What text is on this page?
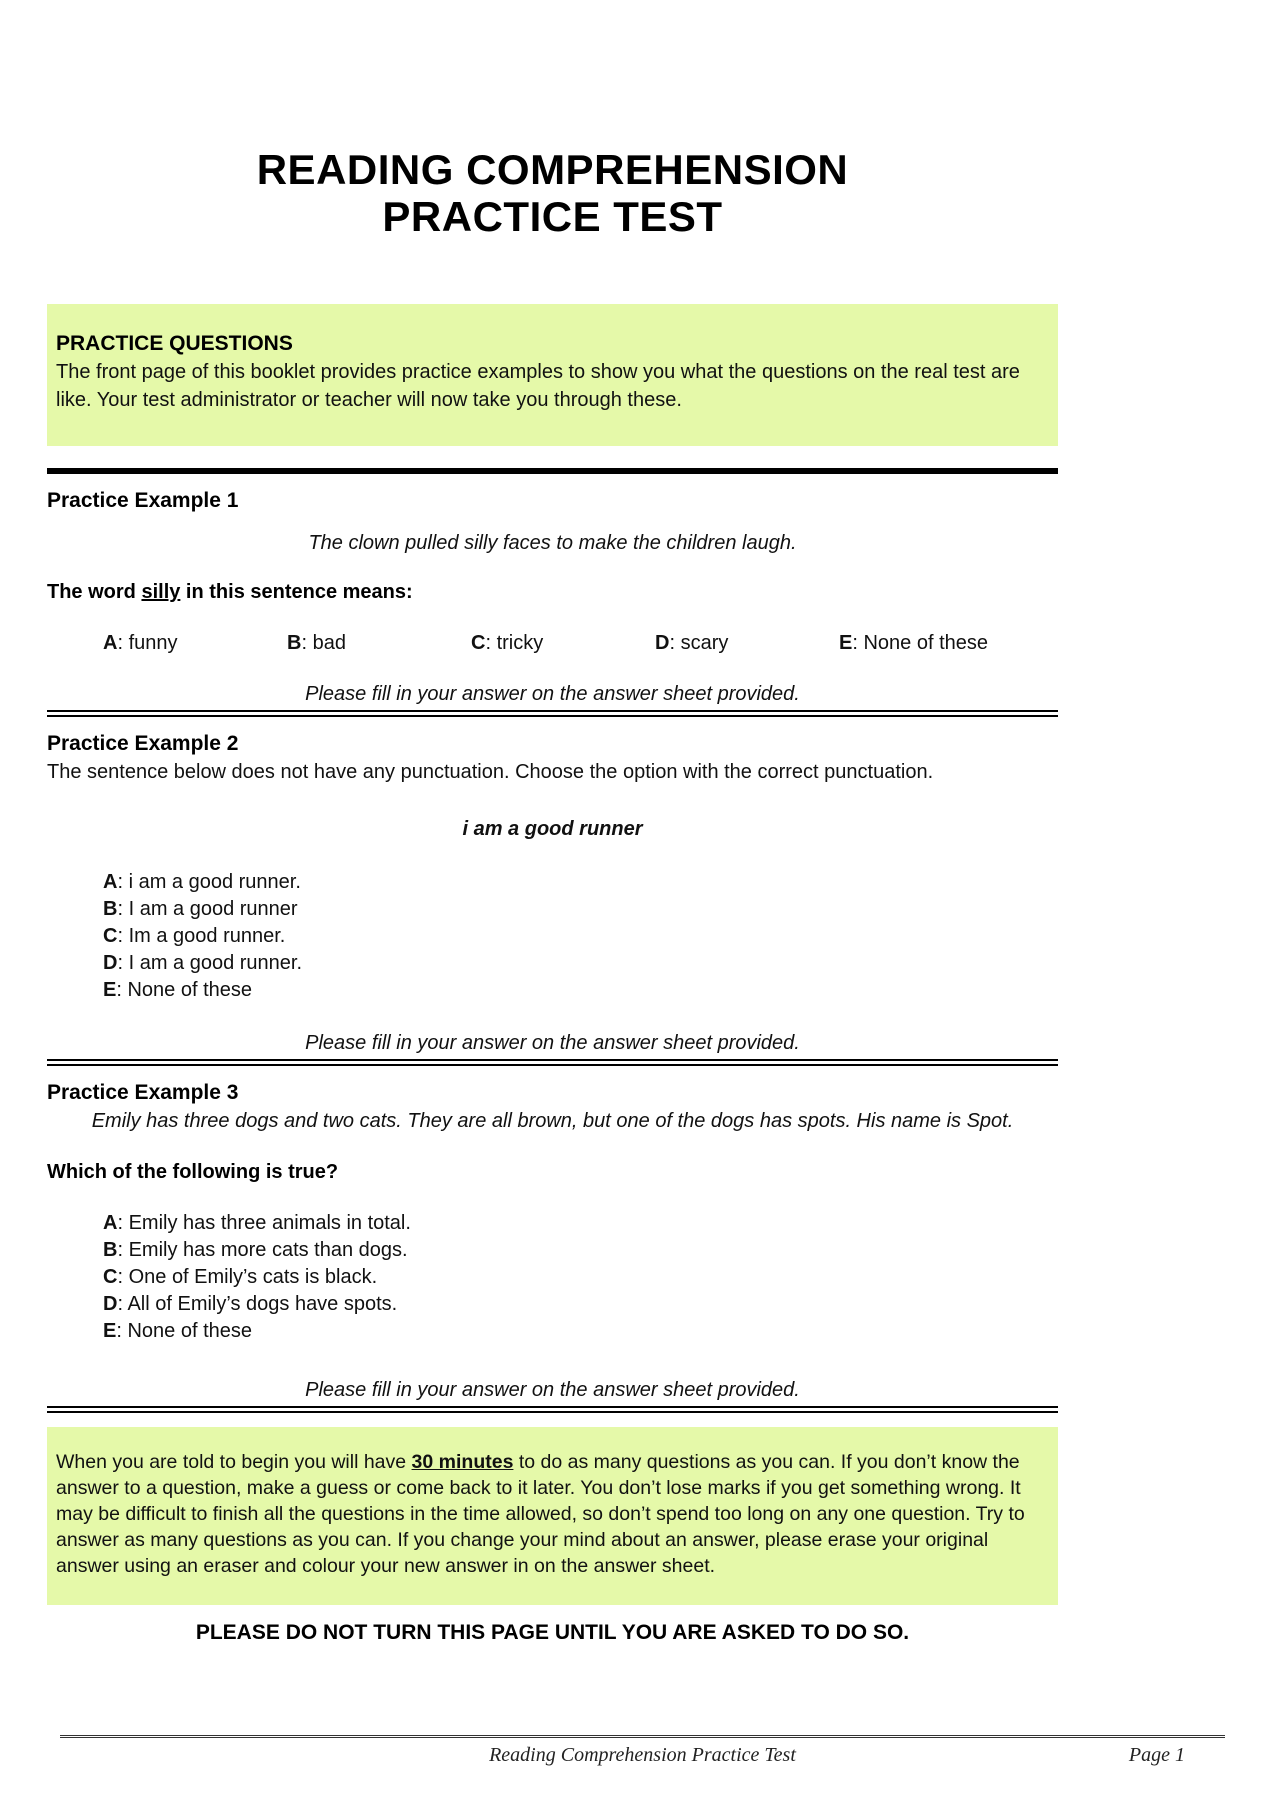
READING COMPREHENSION
PRACTICE TEST
PRACTICE QUESTIONS
The front page of this booklet provides practice examples to show you what the questions on the real test are like. Your test administrator or teacher will now take you through these.
Practice Example 1

The clown pulled silly faces to make the children laugh.

The word silly in this sentence means:

A: funny	B: bad	C: tricky	D: scary	E: None of these

Please fill in your answer on the answer sheet provided.

Practice Example 2

The sentence below does not have any punctuation. Choose the option with the correct punctuation.

i am a good runner

A: i am a good runner.
B: I am a good runner
C: Im a good runner.
D: I am a good runner.
E: None of these

Please fill in your answer on the answer sheet provided.

Practice Example 3

Emily has three dogs and two cats. They are all brown, but one of the dogs has spots. His name is Spot.

Which of the following is true?

A: Emily has three animals in total.
B: Emily has more cats than dogs.
C: One of Emily’s cats is black.
D: All of Emily’s dogs have spots.
E: None of these

Please fill in your answer on the answer sheet provided.

When you are told to begin you will have 30 minutes to do as many questions as you can. If you don’t know the answer to a question, make a guess or come back to it later. You don’t lose marks if you get something wrong. It may be difficult to finish all the questions in the time allowed, so don’t spend too long on any one question. Try to answer as many questions as you can. If you change your mind about an answer, please erase your original answer using an eraser and colour your new answer in on the answer sheet.
PLEASE DO NOT TURN THIS PAGE UNTIL YOU ARE ASKED TO DO SO.
Reading Comprehension Practice Test	Page 1
